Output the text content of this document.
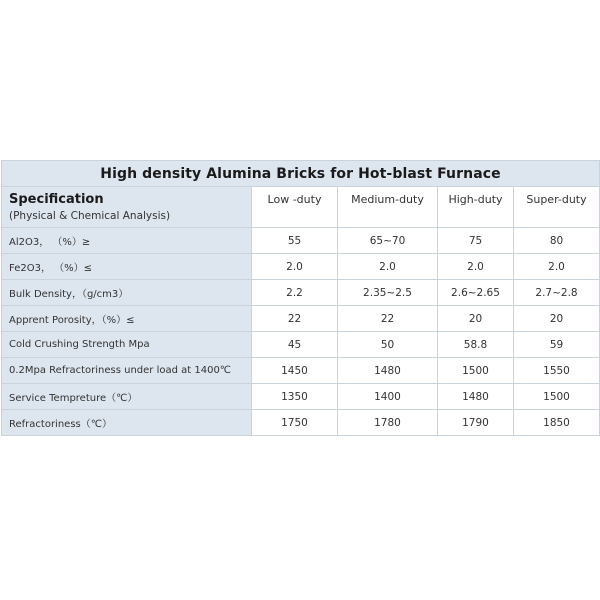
High density Alumina Bricks for Hot-blast Furnace				

Specification
(Physical & Chemical Analysis)	Low -duty	Medium-duty	High-duty	Super-duty
Al2O3， （%）≥	55	65~70	75	80
Fe2O3， （%）≤	2.0	2.0	2.0	2.0
Bulk Density，（g/cm3）	2.2	2.35~2.5	2.6~2.65	2.7~2.8
Apprent Porosity，（%）≤	22	22	20	20
Cold Crushing Strength Mpa	45	50	58.8	59
0.2Mpa Refractoriness under load at 1400℃	1450	1480	1500	1550
Service Tempreture（℃）	1350	1400	1480	1500
Refractoriness（℃）	1750	1780	1790	1850
